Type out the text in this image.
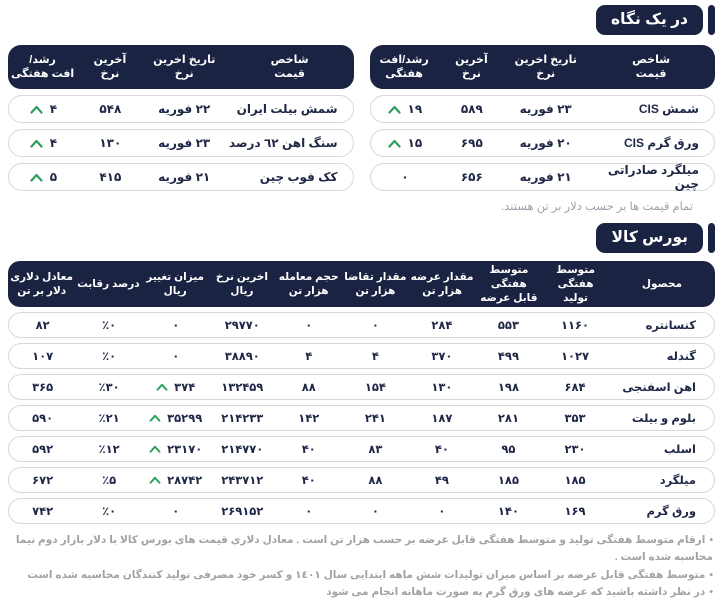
در یک نگاه
شاخص
قیمت
تاریخ اخرین
نرخ
آخرین
نرخ
رشد/افت
هفتگی
شمش CIS
۲۳ فوریه
۵۸۹
۱۹
ورق گرم CIS
۲۰ فوریه
۶۹۵
۱۵
میلگرد صادراتی چین
۲۱ فوریه
۶۵۶
۰
شاخص
قیمت
تاریخ اخرین
نرخ
آخرین
نرخ
رشد/
افت هفتگی
شمش بیلت ایران
۲۲ فوریه
۵۴۸
۴
سنگ اهن ٦٢ درصد
۲۳ فوریه
۱۳۰
۴
کک فوب چین
۲۱ فوریه
۴۱۵
۵
تمام قیمت ها بر حسب دلار بر تن هستند.
بورس کالا
محصول
متوسط هفتگی
تولید
متوسط هفتگی
قابل عرضه
مقدار عرضه
هزار تن
مقدار تقاضا
هزار تن
حجم معامله
هزار تن
اخرین نرخ
ریال
میزان تغییر
ریال
درصد رقابت
معادل دلاری
دلار بر تن
کنسانتره
۱۱۶۰
۵۵۳
۲۸۴
۰
۰
۲۹۷۷۰
۰
٪۰
۸۲
گندله
۱۰۲۷
۴۹۹
۳۷۰
۴
۴
۳۸۸۹۰
۰
٪۰
۱۰۷
اهن اسفنجی
۶۸۴
۱۹۸
۱۳۰
۱۵۴
۸۸
۱۳۲۴۵۹
۳۷۴
٪۳۰
۳۶۵
بلوم و بیلت
۳۵۳
۲۸۱
۱۸۷
۲۴۱
۱۴۲
۲۱۴۲۳۳
۳۵۲۹۹
٪۲۱
۵۹۰
اسلب
۲۳۰
۹۵
۴۰
۸۳
۴۰
۲۱۴۷۷۰
۲۳۱۷۰
٪۱۲
۵۹۲
میلگرد
۱۸۵
۱۸۵
۴۹
۸۸
۴۰
۲۴۳۷۱۲
۲۸۷۴۲
٪۵
۶۷۲
ورق گرم
۱۶۹
۱۴۰
۰
۰
۰
۲۶۹۱۵۲
۰
٪۰
۷۴۲
•ارقام متوسط هفتگی تولید و متوسط هفتگی قابل عرضه بر حسب هزار تن است . معادل دلاری قیمت های بورس کالا با دلار بازار دوم نیما محاسبه شده است .
•متوسط هفتگی قابل عرضه بر اساس میزان تولیدات شش ماهه ابتدایی سال ١٤٠١ و کسر خود مصرفی تولید کنندگان محاسبه شده است
•در نظر داشته باشید که عرضه های ورق گرم به صورت ماهانه انجام می شود
